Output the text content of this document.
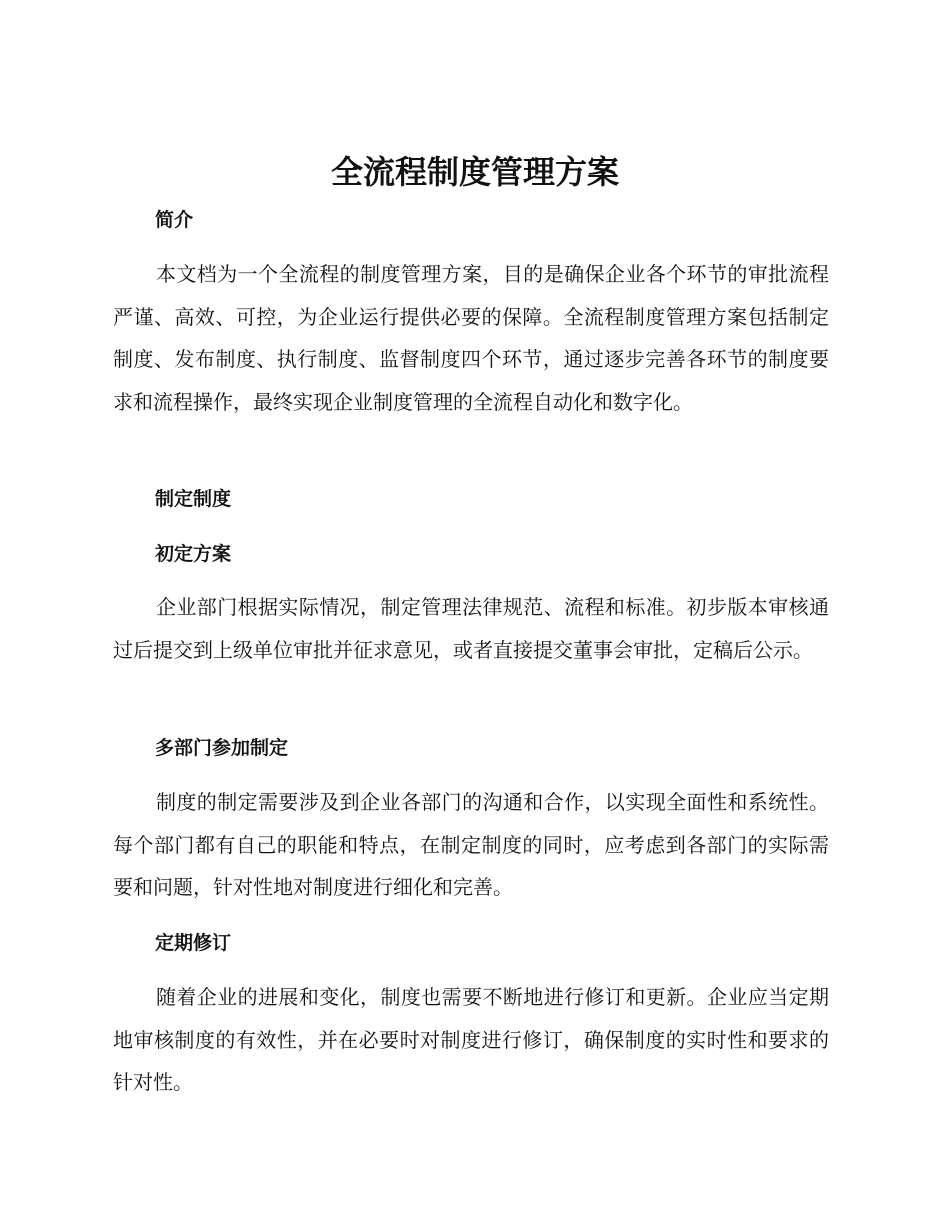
全流程制度管理方案
简介

本文档为一个全流程的制度管理方案，目的是确保企业各个环节的审批流程严谨、高效、可控，为企业运行提供必要的保障。全流程制度管理方案包括制定制度、发布制度、执行制度、监督制度四个环节，通过逐步完善各环节的制度要求和流程操作，最终实现企业制度管理的全流程自动化和数字化。

制定制度
初定方案

企业部门根据实际情况，制定管理法律规范、流程和标准。初步版本审核通过后提交到上级单位审批并征求意见，或者直接提交董事会审批，定稿后公示。

多部门参加制定

制度的制定需要涉及到企业各部门的沟通和合作，以实现全面性和系统性。每个部门都有自己的职能和特点，在制定制度的同时，应考虑到各部门的实际需要和问题，针对性地对制度进行细化和完善。

定期修订

随着企业的进展和变化，制度也需要不断地进行修订和更新。企业应当定期地审核制度的有效性，并在必要时对制度进行修订，确保制度的实时性和要求的针对性。
